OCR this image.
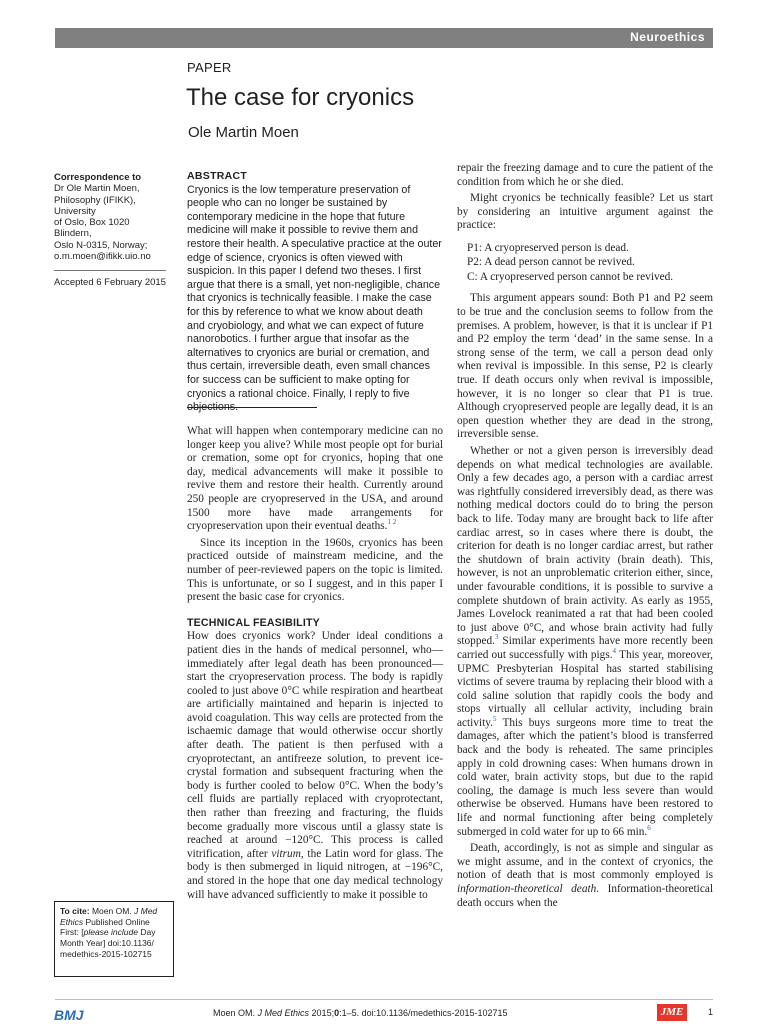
Neuroethics
PAPER
The case for cryonics
Ole Martin Moen
Correspondence to
Dr Ole Martin Moen,
Philosophy (IFIKK), University
of Oslo, Box 1020 Blindern,
Oslo N-0315, Norway;
o.m.moen@ifikk.uio.no
Accepted 6 February 2015
To cite: Moen OM. J Med Ethics Published Online First: [please include Day Month Year] doi:10.1136/ medethics-2015-102715
ABSTRACT
Cryonics is the low temperature preservation of people who can no longer be sustained by contemporary medicine in the hope that future medicine will make it possible to revive them and restore their health. A speculative practice at the outer edge of science, cryonics is often viewed with suspicion. In this paper I defend two theses. I first argue that there is a small, yet non-negligible, chance that cryonics is technically feasible. I make the case for this by reference to what we know about death and cryobiology, and what we can expect of future nanorobotics. I further argue that insofar as the alternatives to cryonics are burial or cremation, and thus certain, irreversible death, even small chances for success can be sufficient to make opting for cryonics a rational choice. Finally, I reply to five objections.

What will happen when contemporary medicine can no longer keep you alive? While most people opt for burial or cremation, some opt for cryonics, hoping that one day, medical advancements will make it possible to revive them and restore their health. Currently around 250 people are cryopreserved in the USA, and around 1500 more have made arrangements for cryopreservation upon their eventual deaths.$^{1 2}$

Since its inception in the 1960s, cryonics has been practiced outside of mainstream medicine, and the number of peer-reviewed papers on the topic is limited. This is unfortunate, or so I suggest, and in this paper I present the basic case for cryonics.

TECHNICAL FEASIBILITY

How does cryonics work? Under ideal conditions a patient dies in the hands of medical personnel, who—immediately after legal death has been pronounced—start the cryopreservation process. The body is rapidly cooled to just above 0°C while respiration and heartbeat are artificially maintained and heparin is injected to avoid coagulation. This way cells are protected from the ischaemic damage that would otherwise occur shortly after death. The patient is then perfused with a cryoprotectant, an antifreeze solution, to prevent ice-crystal formation and subsequent fracturing when the body is further cooled to below 0°C. When the body’s cell fluids are partially replaced with cryoprotectant, then rather than freezing and fracturing, the fluids become gradually more viscous until a glassy state is reached at around −120°C. This process is called vitrification, after vitrum, the Latin word for glass. The body is then submerged in liquid nitrogen, at −196°C, and stored in the hope that one day medical technology will have advanced sufficiently to make it possible to

repair the freezing damage and to cure the patient of the condition from which he or she died.

Might cryonics be technically feasible? Let us start by considering an intuitive argument against the practice:

P1: A cryopreserved person is dead.
P2: A dead person cannot be revived.
C: A cryopreserved person cannot be revived.

This argument appears sound: Both P1 and P2 seem to be true and the conclusion seems to follow from the premises. A problem, however, is that it is unclear if P1 and P2 employ the term ‘dead’ in the same sense. In a strong sense of the term, we call a person dead only when revival is impossible. In this sense, P2 is clearly true. If death occurs only when revival is impossible, however, it is no longer so clear that P1 is true. Although cryopreserved people are legally dead, it is an open question whether they are dead in the strong, irreversible sense.

Whether or not a given person is irreversibly dead depends on what medical technologies are available. Only a few decades ago, a person with a cardiac arrest was rightfully considered irreversibly dead, as there was nothing medical doctors could do to bring the person back to life. Today many are brought back to life after cardiac arrest, so in cases where there is doubt, the criterion for death is no longer cardiac arrest, but rather the shutdown of brain activity (brain death). This, however, is not an unproblematic criterion either, since, under favourable conditions, it is possible to survive a complete shutdown of brain activity. As early as 1955, James Lovelock reanimated a rat that had been cooled to just above 0°C, and whose brain activity had fully stopped.$^3$ Similar experiments have more recently been carried out successfully with pigs.$^4$ This year, moreover, UPMC Presbyterian Hospital has started stabilising victims of severe trauma by replacing their blood with a cold saline solution that rapidly cools the body and stops virtually all cellular activity, including brain activity.$^5$ This buys surgeons more time to treat the damages, after which the patient’s blood is transferred back and the body is reheated. The same principles apply in cold drowning cases: When humans drown in cold water, brain activity stops, but due to the rapid cooling, the damage is much less severe than would otherwise be observed. Humans have been restored to life and normal functioning after being completely submerged in cold water for up to 66 min.$^6$

Death, accordingly, is not as simple and singular as we might assume, and in the context of cryonics, the notion of death that is most commonly employed is information-theoretical death. Information-theoretical death occurs when the

BMJ	Moen OM. J Med Ethics 2015;0:1–5. doi:10.1136/medethics-2015-102715	JME	1
